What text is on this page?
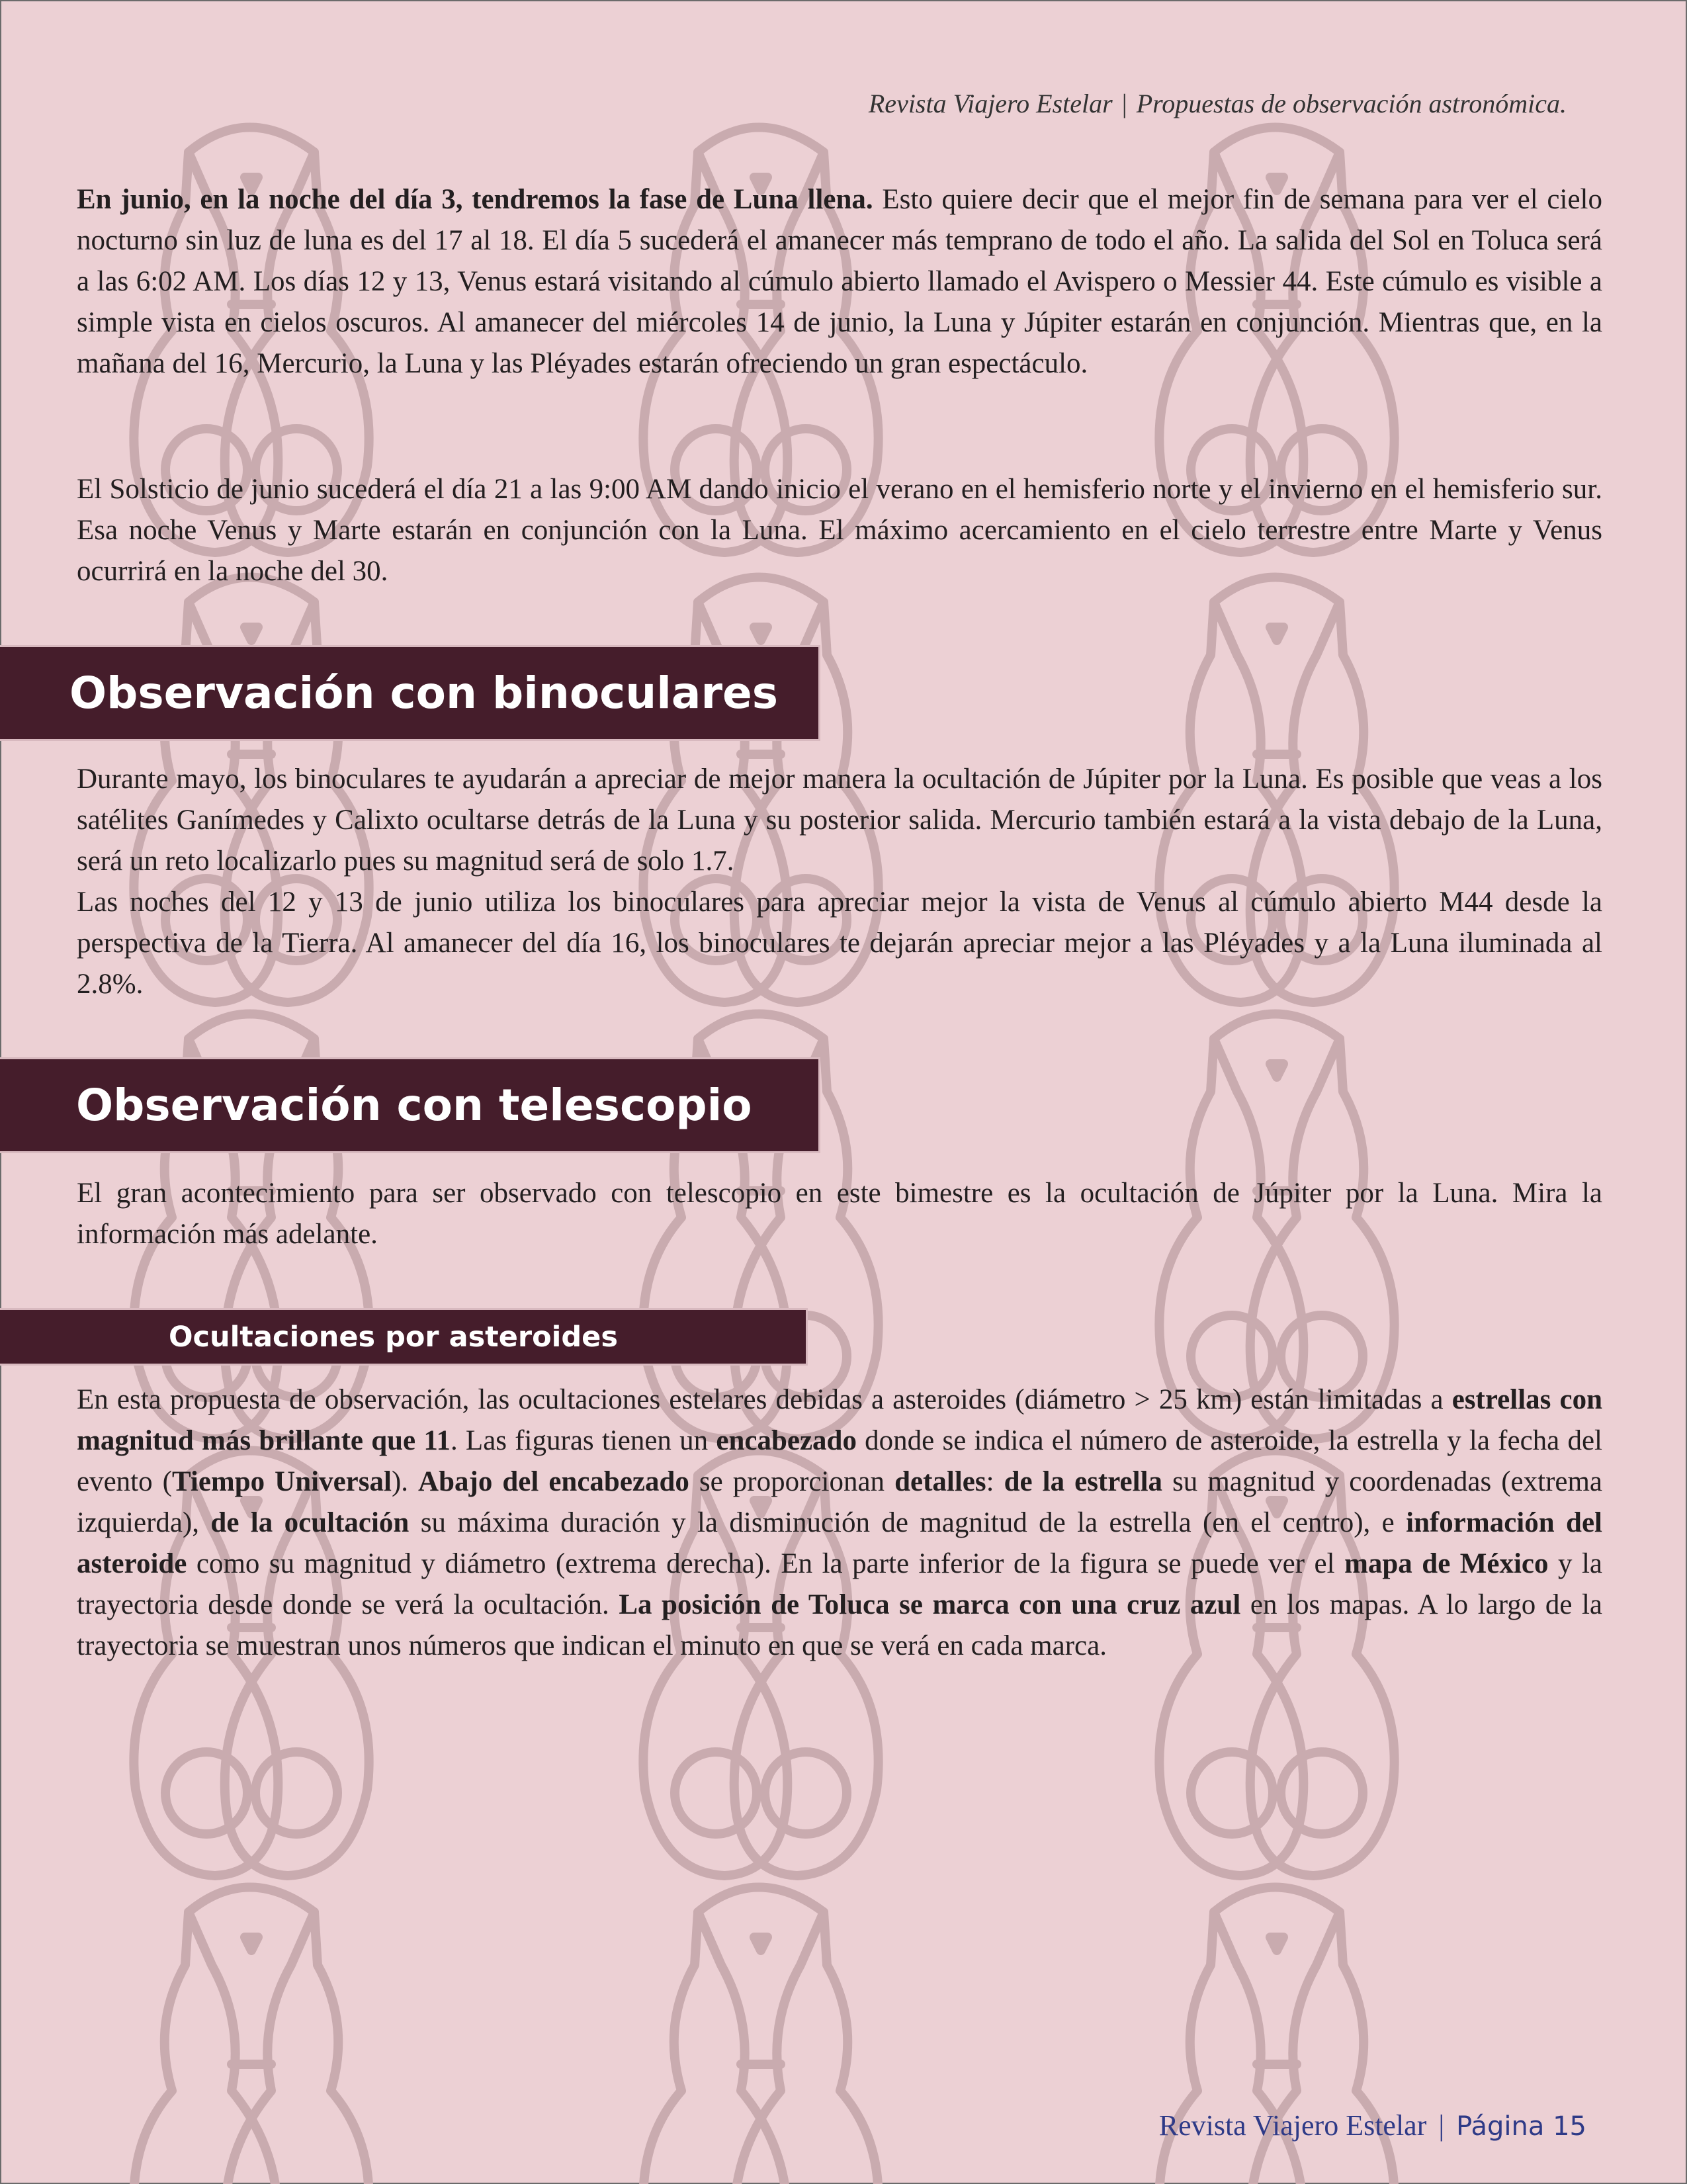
Revista Viajero Estelar | Propuestas de observación astronómica.

En junio, en la noche del día 3, tendremos la fase de Luna llena. Esto quiere decir que el mejor fin de semana para ver el cielo nocturno sin luz de luna es del 17 al 18. El día 5 sucederá el amanecer más temprano de todo el año. La salida del Sol en Toluca será a las 6:02 AM. Los días 12 y 13, Venus estará visitando al cúmulo abierto llamado el Avispero o Messier 44. Este cúmulo es visible a simple vista en cielos oscuros. Al amanecer del miércoles 14 de junio, la Luna y Júpiter estarán en conjunción. Mientras que, en la mañana del 16, Mercurio, la Luna y las Pléyades estarán ofreciendo un gran espectáculo.

El Solsticio de junio sucederá el día 21 a las 9:00 AM dando inicio el verano en el hemisferio norte y el invierno en el hemisferio sur. Esa noche Venus y Marte estarán en conjunción con la Luna. El máximo acercamiento en el cielo terrestre entre Marte y Venus ocurrirá en la noche del 30.

Observación con binoculares

Durante mayo, los binoculares te ayudarán a apreciar de mejor manera la ocultación de Júpiter por la Luna. Es posible que veas a los satélites Ganímedes y Calixto ocultarse detrás de la Luna y su posterior salida. Mercurio también estará a la vista debajo de la Luna, será un reto localizarlo pues su magnitud será de solo 1.7.
Las noches del 12 y 13 de junio utiliza los binoculares para apreciar mejor la vista de Venus al cúmulo abierto M44 desde la perspectiva de la Tierra. Al amanecer del día 16, los binoculares te dejarán apreciar mejor a las Pléyades y a la Luna iluminada al 2.8%.

Observación con telescopio

El gran acontecimiento para ser observado con telescopio en este bimestre es la ocultación de Júpiter por la Luna. Mira la información más adelante.

Ocultaciones por asteroides

En esta propuesta de observación, las ocultaciones estelares debidas a asteroides (diámetro > 25 km) están limitadas a estrellas con magnitud más brillante que 11. Las figuras tienen un encabezado donde se indica el número de asteroide, la estrella y la fecha del evento (Tiempo Universal). Abajo del encabezado se proporcionan detalles: de la estrella su magnitud y coordenadas (extrema izquierda), de la ocultación su máxima duración y la disminución de magnitud de la estrella (en el centro), e información del asteroide como su magnitud y diámetro (extrema derecha). En la parte inferior de la figura se puede ver el mapa de México y la trayectoria desde donde se verá la ocultación. La posición de Toluca se marca con una cruz azul en los mapas. A lo largo de la trayectoria se muestran unos números que indican el minuto en que se verá en cada marca.

Revista Viajero Estelar | Página 15
